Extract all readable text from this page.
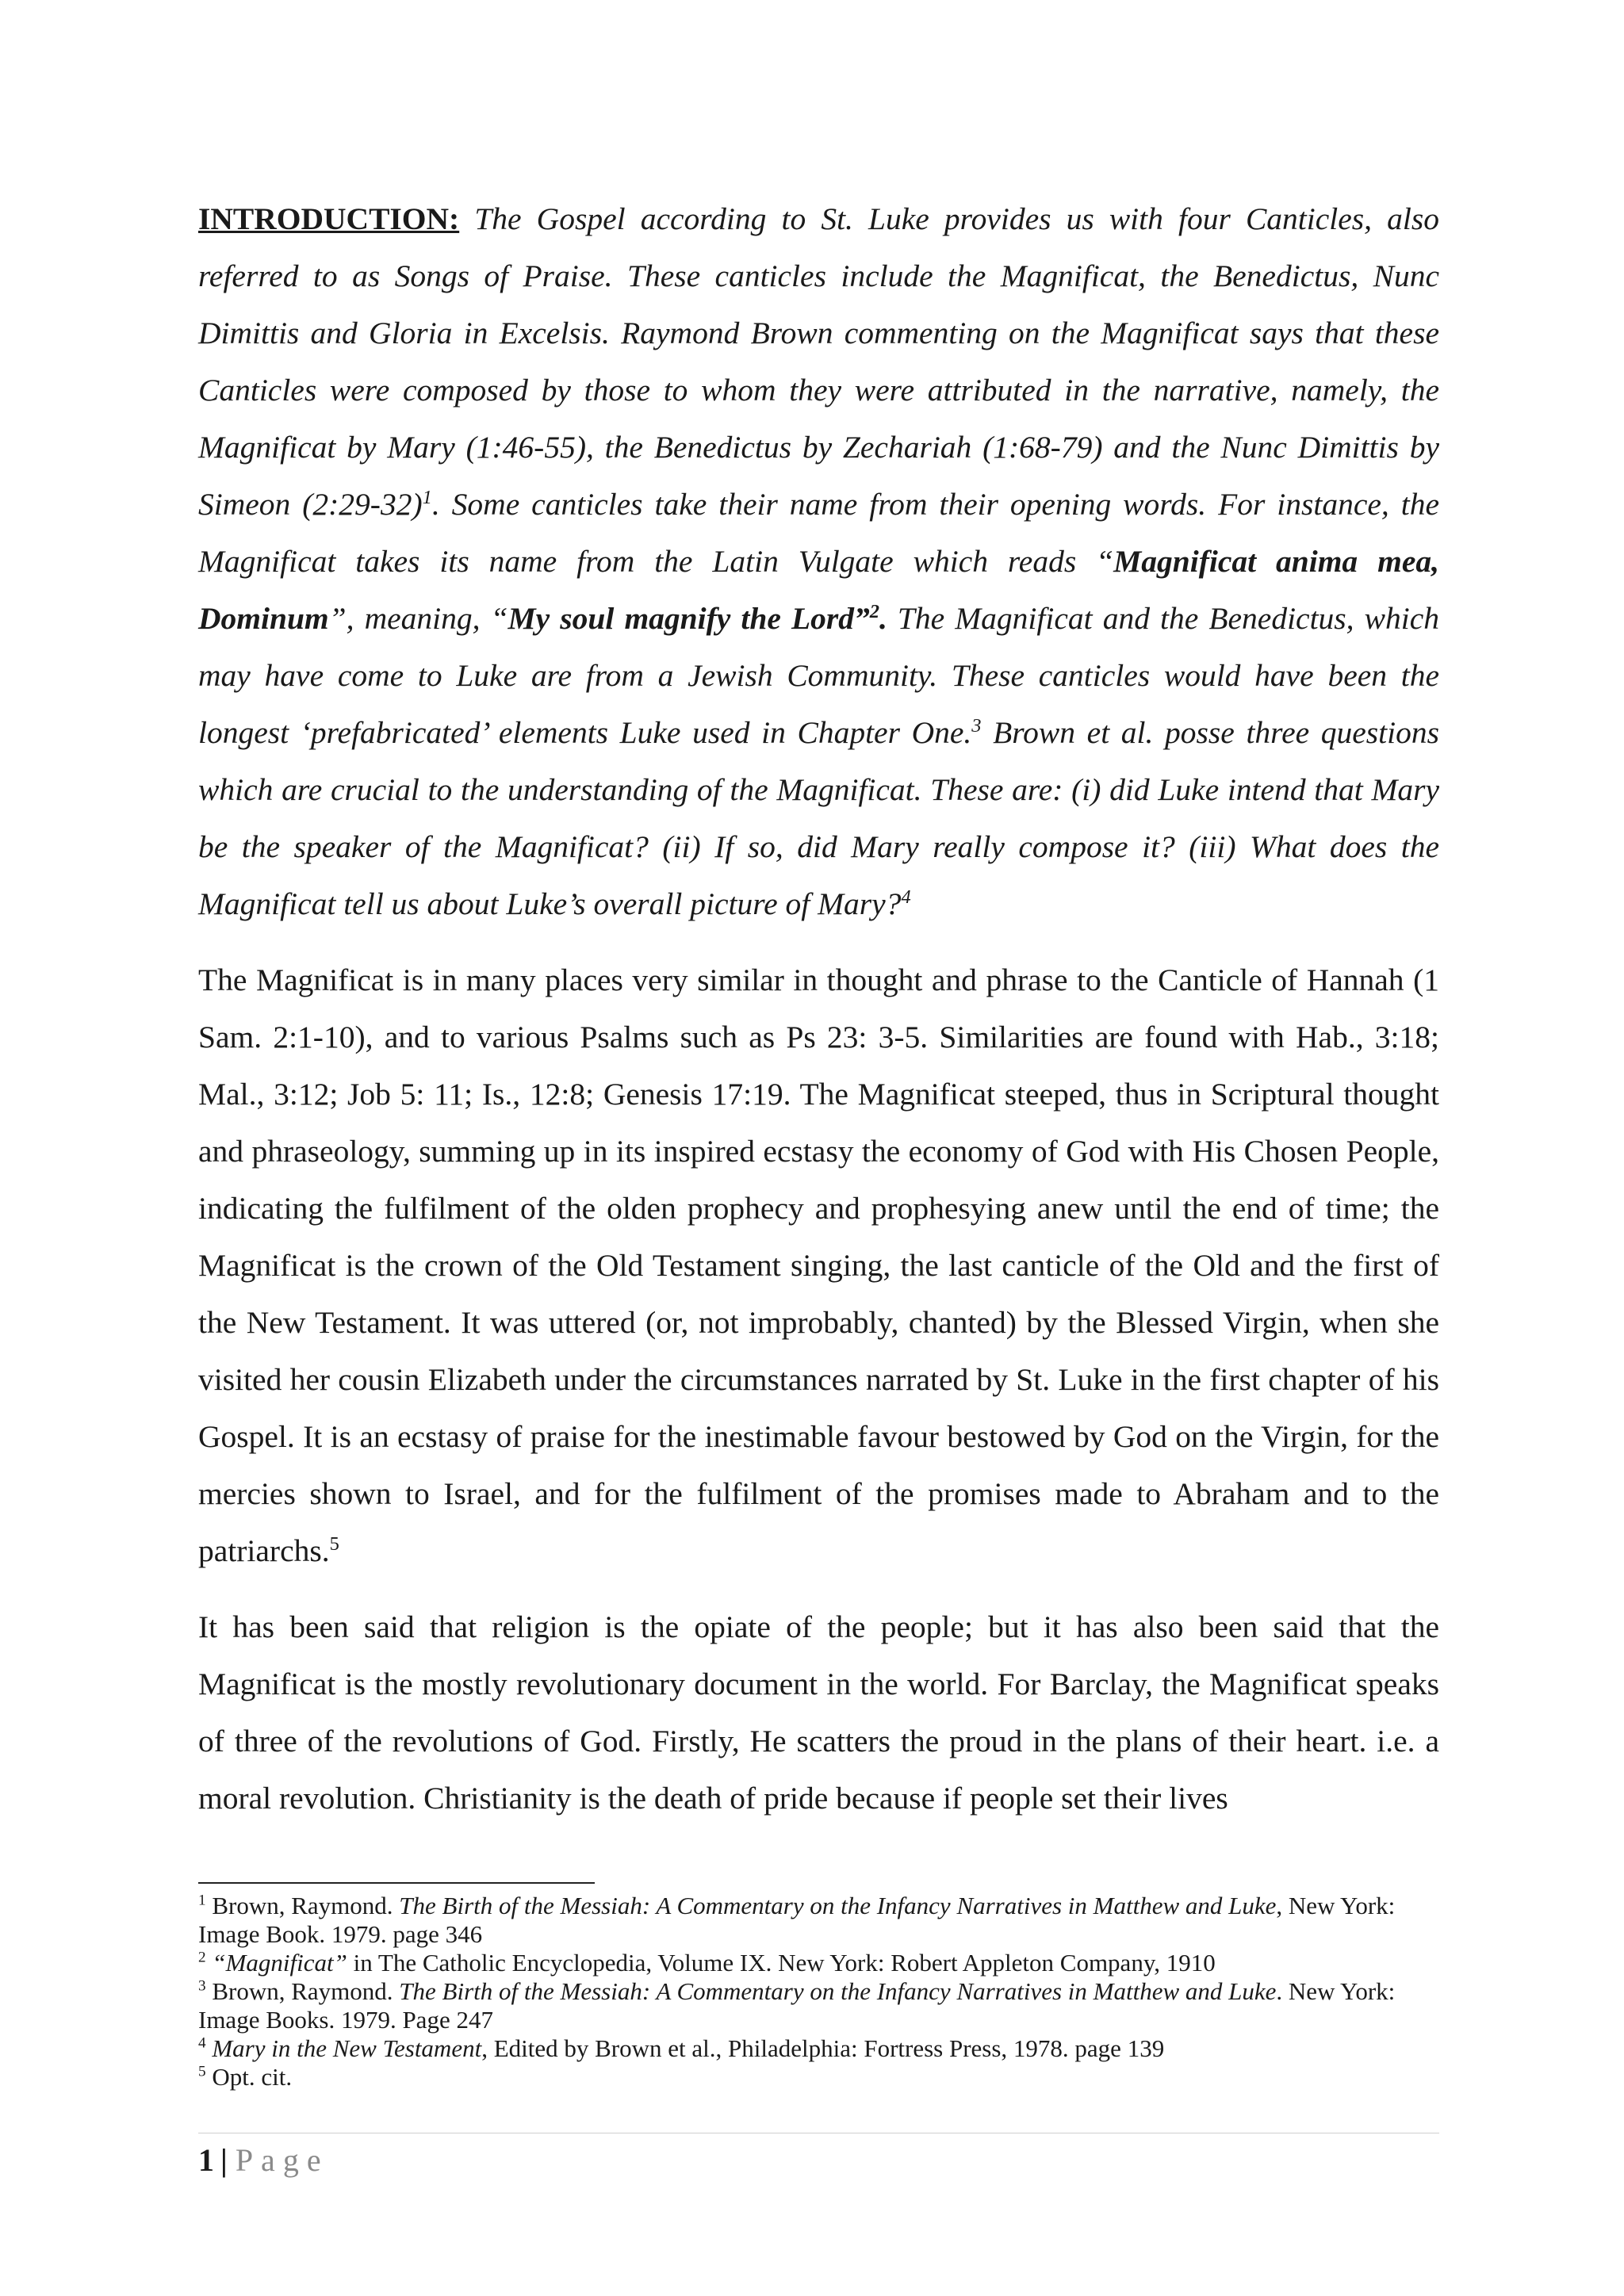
INTRODUCTION: The Gospel according to St. Luke provides us with four Canticles, also referred to as Songs of Praise. These canticles include the Magnificat, the Benedictus, Nunc Dimittis and Gloria in Excelsis. Raymond Brown commenting on the Magnificat says that these Canticles were composed by those to whom they were attributed in the narrative, namely, the Magnificat by Mary (1:46-55), the Benedictus by Zechariah (1:68-79) and the Nunc Dimittis by Simeon (2:29-32)$^1$. Some canticles take their name from their opening words. For instance, the Magnificat takes its name from the Latin Vulgate which reads “Magnificat anima mea, Dominum”, meaning, “My soul magnify the Lord”$^2$. The Magnificat and the Benedictus, which may have come to Luke are from a Jewish Community. These canticles would have been the longest ‘prefabricated’ elements Luke used in Chapter One.$^3$ Brown et al. posse three questions which are crucial to the understanding of the Magnificat. These are: (i) did Luke intend that Mary be the speaker of the Magnificat? (ii) If so, did Mary really compose it? (iii) What does the Magnificat tell us about Luke’s overall picture of Mary?$^4$

The Magnificat is in many places very similar in thought and phrase to the Canticle of Hannah (1 Sam. 2:1-10), and to various Psalms such as Ps 23: 3-5. Similarities are found with Hab., 3:18; Mal., 3:12; Job 5: 11; Is., 12:8; Genesis 17:19. The Magnificat steeped, thus in Scriptural thought and phraseology, summing up in its inspired ecstasy the economy of God with His Chosen People, indicating the fulfilment of the olden prophecy and prophesying anew until the end of time; the Magnificat is the crown of the Old Testament singing, the last canticle of the Old and the first of the New Testament. It was uttered (or, not improbably, chanted) by the Blessed Virgin, when she visited her cousin Elizabeth under the circumstances narrated by St. Luke in the first chapter of his Gospel. It is an ecstasy of praise for the inestimable favour bestowed by God on the Virgin, for the mercies shown to Israel, and for the fulfilment of the promises made to Abraham and to the patriarchs.$^5$

It has been said that religion is the opiate of the people; but it has also been said that the Magnificat is the mostly revolutionary document in the world. For Barclay, the Magnificat speaks of three of the revolutions of God. Firstly, He scatters the proud in the plans of their heart. i.e. a moral revolution. Christianity is the death of pride because if people set their lives

$^1$ Brown, Raymond. The Birth of the Messiah: A Commentary on the Infancy Narratives in Matthew and Luke, New York: Image Book. 1979. page 346

$^2$ “Magnificat” in The Catholic Encyclopedia, Volume IX. New York: Robert Appleton Company, 1910

$^3$ Brown, Raymond. The Birth of the Messiah: A Commentary on the Infancy Narratives in Matthew and Luke. New York: Image Books. 1979. Page 247

$^4$ Mary in the New Testament, Edited by Brown et al., Philadelphia: Fortress Press, 1978. page 139

$^5$ Opt. cit.

1 | Page
